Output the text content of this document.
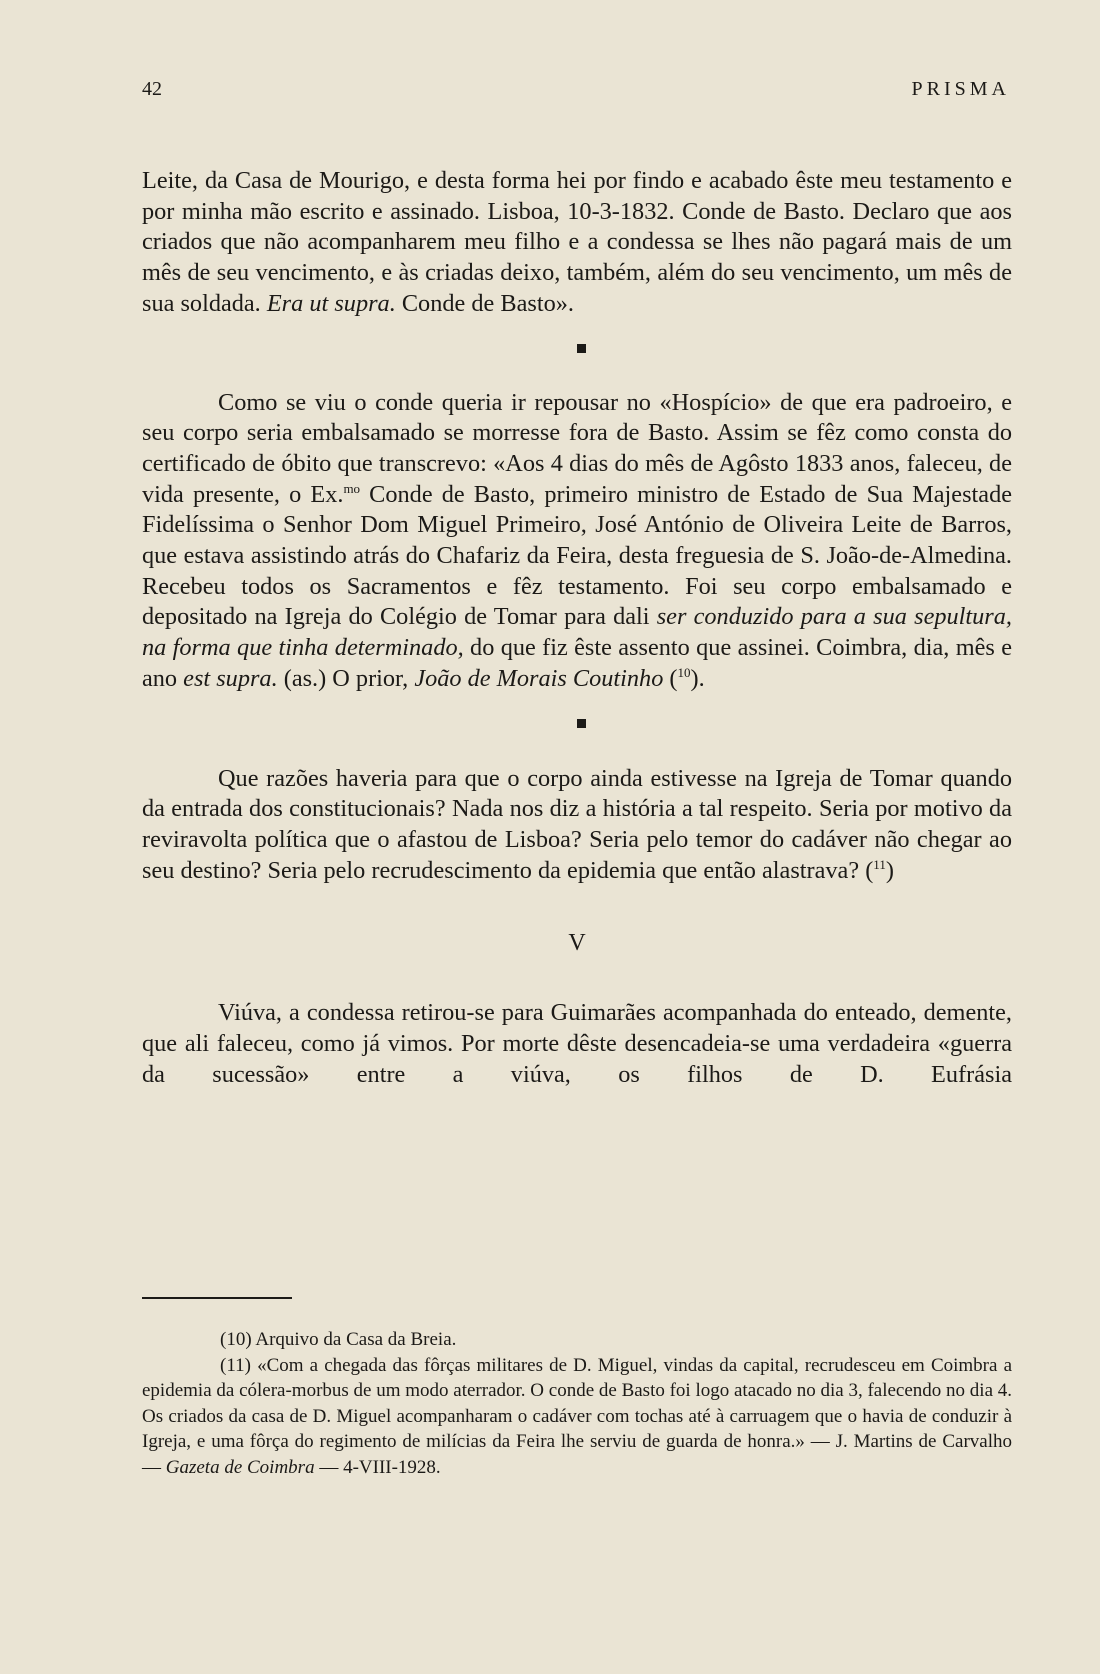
42	PRISMA

Leite, da Casa de Mourigo, e desta forma hei por findo e acabado êste meu testamento e por minha mão escrito e assinado. Lisboa, 10-3-1832. Conde de Basto. Declaro que aos criados que não acompanharem meu filho e a condessa se lhes não pagará mais de um mês de seu vencimento, e às criadas deixo, também, além do seu vencimento, um mês de sua soldada. Era ut supra. Conde de Basto».

Como se viu o conde queria ir repousar no «Hospício» de que era padroeiro, e seu corpo seria embalsamado se morresse fora de Basto. Assim se fêz como consta do certificado de óbito que transcrevo: «Aos 4 dias do mês de Agôsto 1833 anos, faleceu, de vida presente, o Ex.$^{mo}$ Conde de Basto, primeiro ministro de Estado de Sua Majestade Fidelíssima o Senhor Dom Miguel Primeiro, José António de Oliveira Leite de Barros, que estava assistindo atrás do Chafariz da Feira, desta freguesia de S. João-de-Almedina. Recebeu todos os Sacramentos e fêz testamento. Foi seu corpo embalsamado e depositado na Igreja do Colégio de Tomar para dali ser conduzido para a sua sepultura, na forma que tinha determinado, do que fiz êste assento que assinei. Coimbra, dia, mês e ano est supra. (as.) O prior, João de Morais Coutinho ($^{10}$).

Que razões haveria para que o corpo ainda estivesse na Igreja de Tomar quando da entrada dos constitucionais? Nada nos diz a história a tal respeito. Seria por motivo da reviravolta política que o afastou de Lisboa? Seria pelo temor do cadáver não chegar ao seu destino? Seria pelo recrudescimento da epidemia que então alastrava? ($^{11}$)

V

Viúva, a condessa retirou-se para Guimarães acompanhada do enteado, demente, que ali faleceu, como já vimos. Por morte dêste desencadeia-se uma verdadeira «guerra da sucessão» entre a viúva, os filhos de D. Eufrásia

(10) Arquivo da Casa da Breia.

(11) «Com a chegada das fôrças militares de D. Miguel, vindas da capital, recrudesceu em Coimbra a epidemia da cólera-morbus de um modo aterrador. O conde de Basto foi logo atacado no dia 3, falecendo no dia 4. Os criados da casa de D. Miguel acompanharam o cadáver com tochas até à carruagem que o havia de conduzir à Igreja, e uma fôrça do regimento de milícias da Feira lhe serviu de guarda de honra.» — J. Martins de Carvalho — Gazeta de Coimbra — 4-VIII-1928.
